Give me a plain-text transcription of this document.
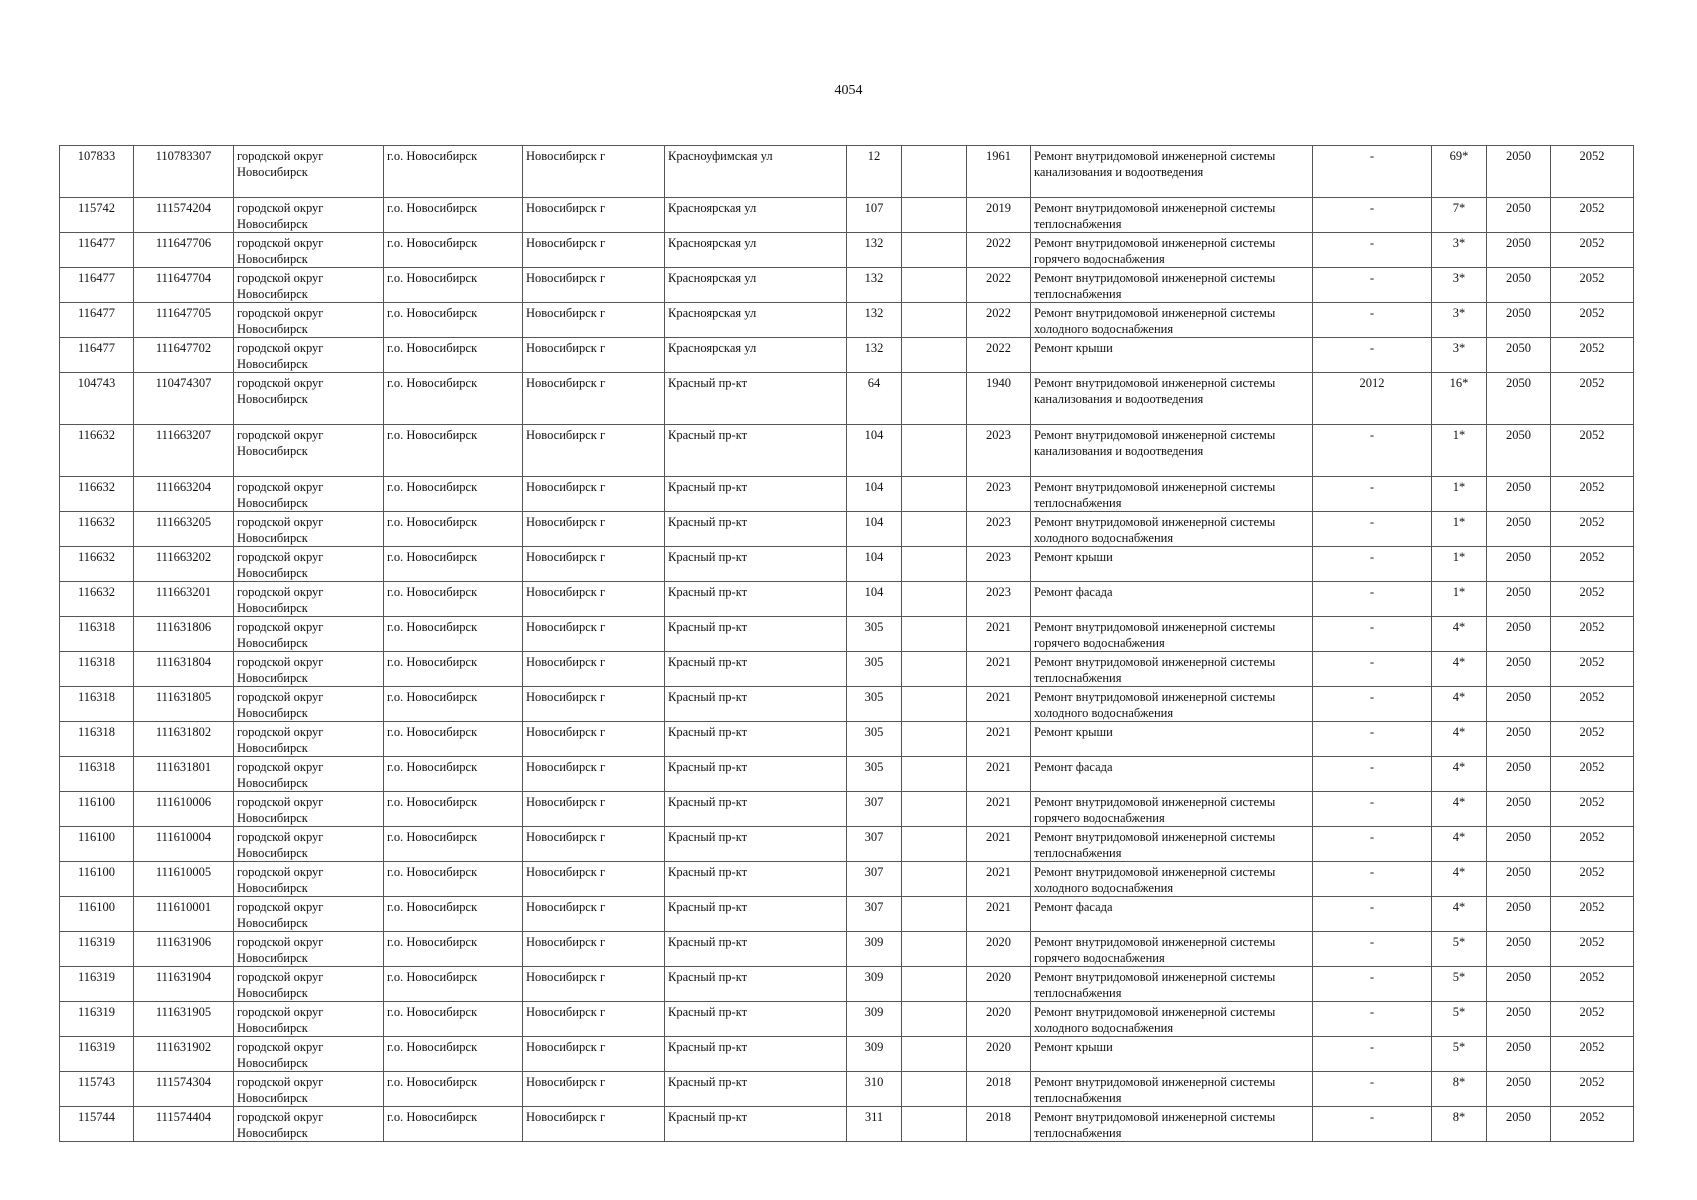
4054
107833	110783307	городской округ Новосибирск	г.о. Новосибирск	Новосибирск г	Красноуфимская ул	12		1961	Ремонт внутридомовой инженерной системы канализования и водоотведения	-	69*	2050	2052
115742	111574204	городской округ Новосибирск	г.о. Новосибирск	Новосибирск г	Красноярская ул	107		2019	Ремонт внутридомовой инженерной системы теплоснабжения	-	7*	2050	2052
116477	111647706	городской округ Новосибирск	г.о. Новосибирск	Новосибирск г	Красноярская ул	132		2022	Ремонт внутридомовой инженерной системы горячего водоснабжения	-	3*	2050	2052
116477	111647704	городской округ Новосибирск	г.о. Новосибирск	Новосибирск г	Красноярская ул	132		2022	Ремонт внутридомовой инженерной системы теплоснабжения	-	3*	2050	2052
116477	111647705	городской округ Новосибирск	г.о. Новосибирск	Новосибирск г	Красноярская ул	132		2022	Ремонт внутридомовой инженерной системы холодного водоснабжения	-	3*	2050	2052
116477	111647702	городской округ Новосибирск	г.о. Новосибирск	Новосибирск г	Красноярская ул	132		2022	Ремонт крыши	-	3*	2050	2052
104743	110474307	городской округ Новосибирск	г.о. Новосибирск	Новосибирск г	Красный пр-кт	64		1940	Ремонт внутридомовой инженерной системы канализования и водоотведения	2012	16*	2050	2052
116632	111663207	городской округ Новосибирск	г.о. Новосибирск	Новосибирск г	Красный пр-кт	104		2023	Ремонт внутридомовой инженерной системы канализования и водоотведения	-	1*	2050	2052
116632	111663204	городской округ Новосибирск	г.о. Новосибирск	Новосибирск г	Красный пр-кт	104		2023	Ремонт внутридомовой инженерной системы теплоснабжения	-	1*	2050	2052
116632	111663205	городской округ Новосибирск	г.о. Новосибирск	Новосибирск г	Красный пр-кт	104		2023	Ремонт внутридомовой инженерной системы холодного водоснабжения	-	1*	2050	2052
116632	111663202	городской округ Новосибирск	г.о. Новосибирск	Новосибирск г	Красный пр-кт	104		2023	Ремонт крыши	-	1*	2050	2052
116632	111663201	городской округ Новосибирск	г.о. Новосибирск	Новосибирск г	Красный пр-кт	104		2023	Ремонт фасада	-	1*	2050	2052
116318	111631806	городской округ Новосибирск	г.о. Новосибирск	Новосибирск г	Красный пр-кт	305		2021	Ремонт внутридомовой инженерной системы горячего водоснабжения	-	4*	2050	2052
116318	111631804	городской округ Новосибирск	г.о. Новосибирск	Новосибирск г	Красный пр-кт	305		2021	Ремонт внутридомовой инженерной системы теплоснабжения	-	4*	2050	2052
116318	111631805	городской округ Новосибирск	г.о. Новосибирск	Новосибирск г	Красный пр-кт	305		2021	Ремонт внутридомовой инженерной системы холодного водоснабжения	-	4*	2050	2052
116318	111631802	городской округ Новосибирск	г.о. Новосибирск	Новосибирск г	Красный пр-кт	305		2021	Ремонт крыши	-	4*	2050	2052
116318	111631801	городской округ Новосибирск	г.о. Новосибирск	Новосибирск г	Красный пр-кт	305		2021	Ремонт фасада	-	4*	2050	2052
116100	111610006	городской округ Новосибирск	г.о. Новосибирск	Новосибирск г	Красный пр-кт	307		2021	Ремонт внутридомовой инженерной системы горячего водоснабжения	-	4*	2050	2052
116100	111610004	городской округ Новосибирск	г.о. Новосибирск	Новосибирск г	Красный пр-кт	307		2021	Ремонт внутридомовой инженерной системы теплоснабжения	-	4*	2050	2052
116100	111610005	городской округ Новосибирск	г.о. Новосибирск	Новосибирск г	Красный пр-кт	307		2021	Ремонт внутридомовой инженерной системы холодного водоснабжения	-	4*	2050	2052
116100	111610001	городской округ Новосибирск	г.о. Новосибирск	Новосибирск г	Красный пр-кт	307		2021	Ремонт фасада	-	4*	2050	2052
116319	111631906	городской округ Новосибирск	г.о. Новосибирск	Новосибирск г	Красный пр-кт	309		2020	Ремонт внутридомовой инженерной системы горячего водоснабжения	-	5*	2050	2052
116319	111631904	городской округ Новосибирск	г.о. Новосибирск	Новосибирск г	Красный пр-кт	309		2020	Ремонт внутридомовой инженерной системы теплоснабжения	-	5*	2050	2052
116319	111631905	городской округ Новосибирск	г.о. Новосибирск	Новосибирск г	Красный пр-кт	309		2020	Ремонт внутридомовой инженерной системы холодного водоснабжения	-	5*	2050	2052
116319	111631902	городской округ Новосибирск	г.о. Новосибирск	Новосибирск г	Красный пр-кт	309		2020	Ремонт крыши	-	5*	2050	2052
115743	111574304	городской округ Новосибирск	г.о. Новосибирск	Новосибирск г	Красный пр-кт	310		2018	Ремонт внутридомовой инженерной системы теплоснабжения	-	8*	2050	2052
115744	111574404	городской округ Новосибирск	г.о. Новосибирск	Новосибирск г	Красный пр-кт	311		2018	Ремонт внутридомовой инженерной системы теплоснабжения	-	8*	2050	2052
